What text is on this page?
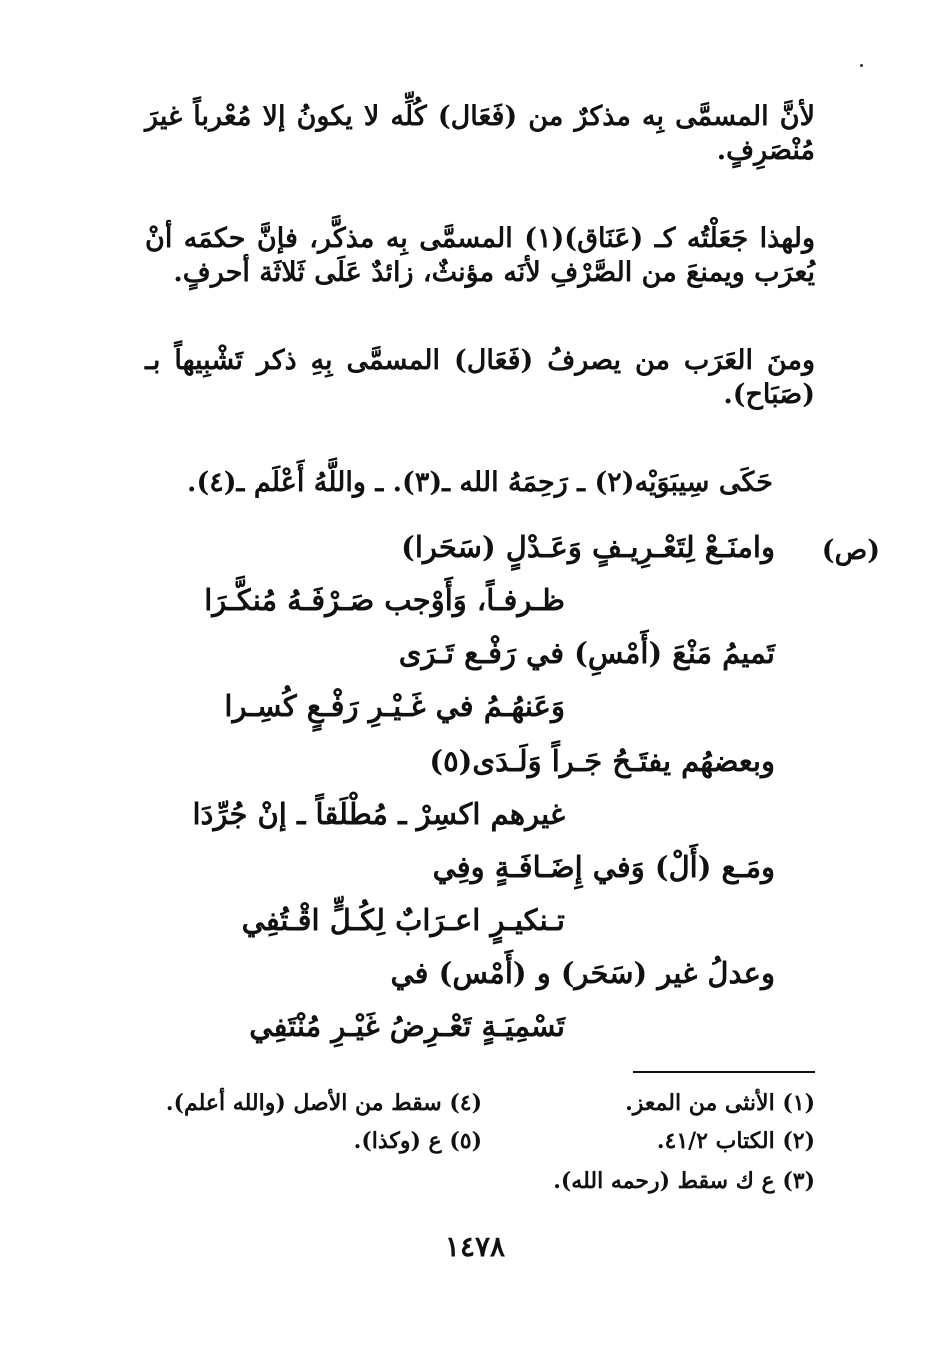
لأنَّ المسمَّى بِه مذكرٌ من (فَعَال) كُلِّه لا يكونُ إلا مُعْرباً غيرَ مُنْصَرِفٍ.

ولهذا جَعَلْتُه كـ (عَنَاق)(١) المسمَّى بِه مذكَّر، فإنَّ حكمَه أنْ يُعرَب ويمنعَ من الصَّرْفِ لأنَه مؤنثٌ، زائدٌ عَلَى ثَلاثَة أحرفٍ.

ومنَ العَرَب من يصرفُ (فَعَال) المسمَّى بِهِ ذكر تَشْبِيهاً بـ (صَبَاح).

حَكَى سِيبَوَيْه(٢) ـ رَحِمَهُ الله ـ(٣). ـ واللَّهُ أَعْلَم ـ(٤).

(ص)
وامنَـعْ لِتَعْـرِيـفٍ وَعَـدْلٍ (سَحَرا)
ظـرفـاً، وَأَوْجب صَـرْفَـهُ مُنكَّـرَا
تَميمُ مَنْعَ (أَمْسِ) في رَفْـع تَـرَى
وَعَنهُـمُ في غَـيْـرِ رَفْـعٍ كُسِـرا
وبعضهُم يفتَـحُ جَـراً وَلَـدَى(٥)
غيرهم اكسِرْ ـ مُطْلَقاً ـ إنْ جُرِّدَا
ومَـع (أَلْ) وَفي إِضَـافَـةٍ وفِي
تـنكيـرٍ اعـرَابٌ لِكُـلٍّ اقْـتُفِي
وعدلُ غير (سَحَر) و (أَمْس) في
تَسْمِيَـةٍ تَعْـرِضُ غَيْـرِ مُنْتَفِي
(١) الأنثى من المعز.
(٢) الكتاب ٤١/٢.
(٣) ع ك سقط (رحمه الله).
(٤) سقط من الأصل (والله أعلم).
(٥) ع (وكذا).
١٤٧٨
